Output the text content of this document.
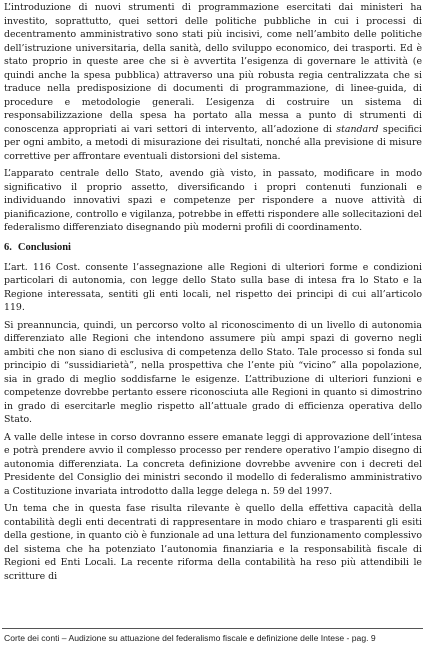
L’introduzione di nuovi strumenti di programmazione esercitati dai ministeri ha investito, soprattutto, quei settori delle politiche pubbliche in cui i processi di decentramento amministrativo sono stati più incisivi, come nell’ambito delle politiche dell’istruzione universitaria, della sanità, dello sviluppo economico, dei trasporti. Ed è stato proprio in queste aree che si è avvertita l’esigenza di governare le attività (e quindi anche la spesa pubblica) attraverso una più robusta regia centralizzata che si traduce nella predisposizione di documenti di programmazione, di linee-guida, di procedure e metodologie generali. L’esigenza di costruire un sistema di responsabilizzazione della spesa ha portato alla messa a punto di strumenti di conoscenza appropriati ai vari settori di intervento, all’adozione di standard specifici per ogni ambito, a metodi di misurazione dei risultati, nonché alla previsione di misure correttive per affrontare eventuali distorsioni del sistema.

L’apparato centrale dello Stato, avendo già visto, in passato, modificare in modo significativo il proprio assetto, diversificando i propri contenuti funzionali e individuando innovativi spazi e competenze per rispondere a nuove attività di pianificazione, controllo e vigilanza, potrebbe in effetti rispondere alle sollecitazioni del federalismo differenziato disegnando più moderni profili di coordinamento.

6. Conclusioni

L’art. 116 Cost. consente l’assegnazione alle Regioni di ulteriori forme e condizioni particolari di autonomia, con legge dello Stato sulla base di intesa fra lo Stato e la Regione interessata, sentiti gli enti locali, nel rispetto dei principi di cui all’articolo 119.

Si preannuncia, quindi, un percorso volto al riconoscimento di un livello di autonomia differenziato alle Regioni che intendono assumere più ampi spazi di governo negli ambiti che non siano di esclusiva di competenza dello Stato. Tale processo si fonda sul principio di “sussidiarietà”, nella prospettiva che l’ente più “vicino” alla popolazione, sia in grado di meglio soddisfarne le esigenze. L’attribuzione di ulteriori funzioni e competenze dovrebbe pertanto essere riconosciuta alle Regioni in quanto si dimostrino in grado di esercitarle meglio rispetto all’attuale grado di efficienza operativa dello Stato.

A valle delle intese in corso dovranno essere emanate leggi di approvazione dell’intesa e potrà prendere avvio il complesso processo per rendere operativo l’ampio disegno di autonomia differenziata. La concreta definizione dovrebbe avvenire con i decreti del Presidente del Consiglio dei ministri secondo il modello di federalismo amministrativo a Costituzione invariata introdotto dalla legge delega n. 59 del 1997.

Un tema che in questa fase risulta rilevante è quello della effettiva capacità della contabilità degli enti decentrati di rappresentare in modo chiaro e trasparenti gli esiti della gestione, in quanto ciò è funzionale ad una lettura del funzionamento complessivo del sistema che ha potenziato l’autonomia finanziaria e la responsabilità fiscale di Regioni ed Enti Locali. La recente riforma della contabilità ha reso più attendibili le scritture di

Corte dei conti – Audizione su attuazione del federalismo fiscale e definizione delle Intese - pag. 9
